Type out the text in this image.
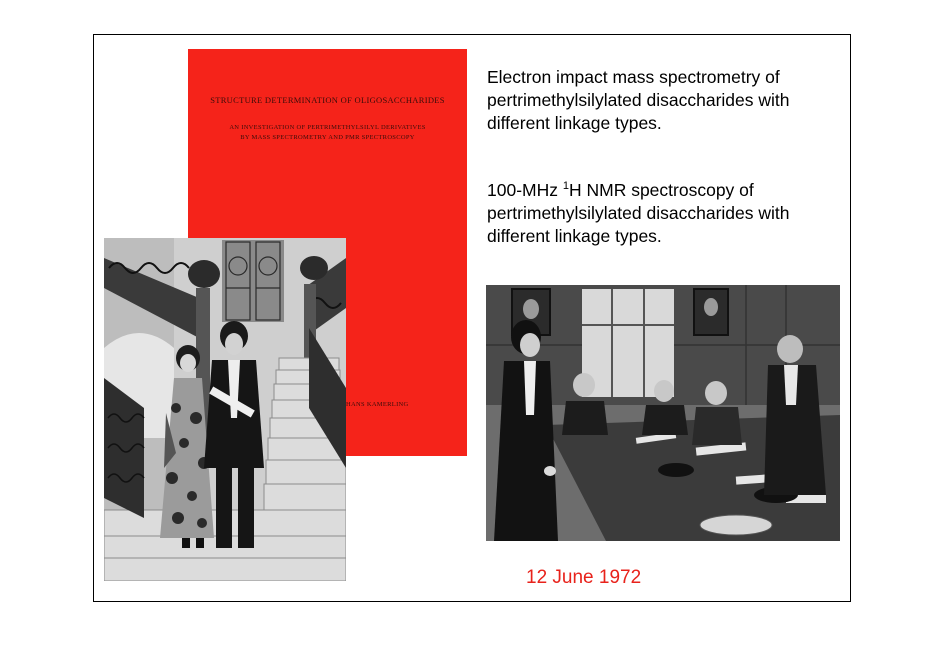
STRUCTURE DETERMINATION OF OLIGOSACCHARIDES
AN INVESTIGATION OF PERTRIMETHYLSILYL DERIVATIVES
BY MASS SPECTROMETRY AND PMR SPECTROSCOPY
HANS KAMERLING

Electron impact mass spectrometry of pertrimethylsilylated disaccharides with different linkage types.

100-MHz $^1$H NMR spectroscopy of pertrimethylsilylated disaccharides with different linkage types.

12 June 1972
